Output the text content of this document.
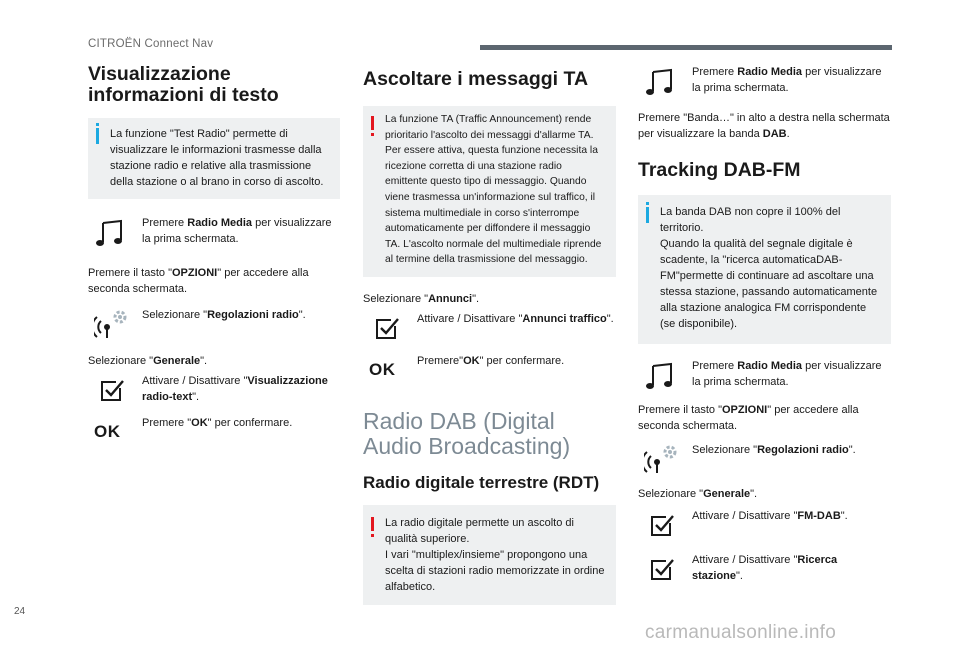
CITROËN Connect Nav
Visualizzazione informazioni di testo

La funzione "Test Radio" permette di visualizzare le informazioni trasmesse dalla stazione radio e relative alla trasmissione della stazione o al brano in corso di ascolto.

Premere Radio Media per visualizzare la prima schermata.

Premere il tasto "OPZIONI" per accedere alla seconda schermata.

Selezionare "Regolazioni radio".

Selezionare "Generale".

Attivare / Disattivare "Visualizzazione radio-text".
OK	Premere "OK" per confermare.
Ascoltare i messaggi TA

La funzione TA (Traffic Announcement) rende prioritario l'ascolto dei messaggi d'allarme TA. Per essere attiva, questa funzione necessita la ricezione corretta di una stazione radio emittente questo tipo di messaggio. Quando viene trasmessa un'informazione sul traffico, il sistema multimediale in corso s'interrompe automaticamente per diffondere il messaggio TA. L'ascolto normale del multimediale riprende al termine della trasmissione del messaggio.

Selezionare "Annunci".

Attivare / Disattivare "Annunci traffico".
OK	Premere"OK" per confermare.
Radio DAB (Digital Audio Broadcasting)
Radio digitale terrestre (RDT)

La radio digitale permette un ascolto di qualità superiore.

I vari "multiplex/insieme" propongono una scelta di stazioni radio memorizzate in ordine alfabetico.

Premere Radio Media per visualizzare la prima schermata.

Premere "Banda…" in alto a destra nella schermata per visualizzare la banda DAB.

Tracking DAB-FM

La banda DAB non copre il 100% del territorio.

Quando la qualità del segnale digitale è scadente, la "ricerca automaticaDAB-FM"permette di continuare ad ascoltare una stessa stazione, passando automaticamente alla stazione analogica FM corrispondente (se disponibile).

Premere Radio Media per visualizzare la prima schermata.

Premere il tasto "OPZIONI" per accedere alla seconda schermata.

Selezionare "Regolazioni radio".

Selezionare "Generale".

Attivare / Disattivare "FM-DAB".
Attivare / Disattivare "Ricerca stazione".
24
carmanualsonline.info
